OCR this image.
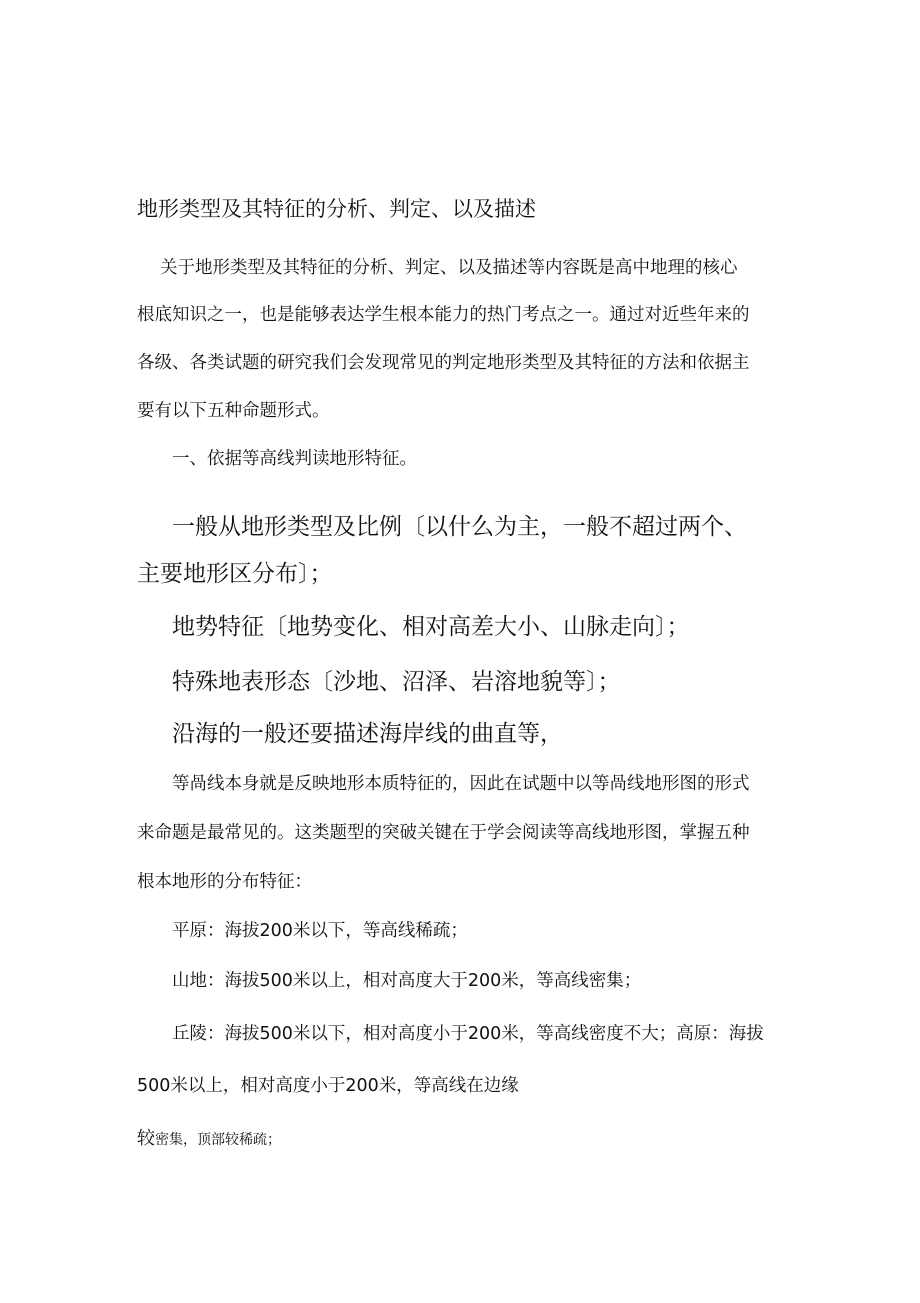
地形类型及其特征的分析、判定、以及描述
关于地形类型及其特征的分析、判定、以及描述等内容既是高中地理的核心
根底知识之一，也是能够表达学生根本能力的热门考点之一。通过对近些年来的
各级、各类试题的研究我们会发现常见的判定地形类型及其特征的方法和依据主
要有以下五种命题形式。
一、依据等高线判读地形特征。
一般从地形类型及比例〔以什么为主，一般不超过两个、
主要地形区分布〕；
地势特征〔地势变化、相对高差大小、山脉走向〕；
特殊地表形态〔沙地、沼泽、岩溶地貌等〕；
沿海的一般还要描述海岸线的曲直等，
等咼线本身就是反映地形本质特征的，因此在试题中以等咼线地形图的形式
来命题是最常见的。这类题型的突破关键在于学会阅读等高线地形图，掌握五种
根本地形的分布特征：
平原：海拔200米以下，等高线稀疏；
山地：海拔500米以上，相对高度大于200米，等高线密集；
丘陵：海拔500米以下，相对高度小于200米，等高线密度不大；高原：海拔
500米以上，相对高度小于200米，等高线在边缘
较密集，顶部较稀疏；
